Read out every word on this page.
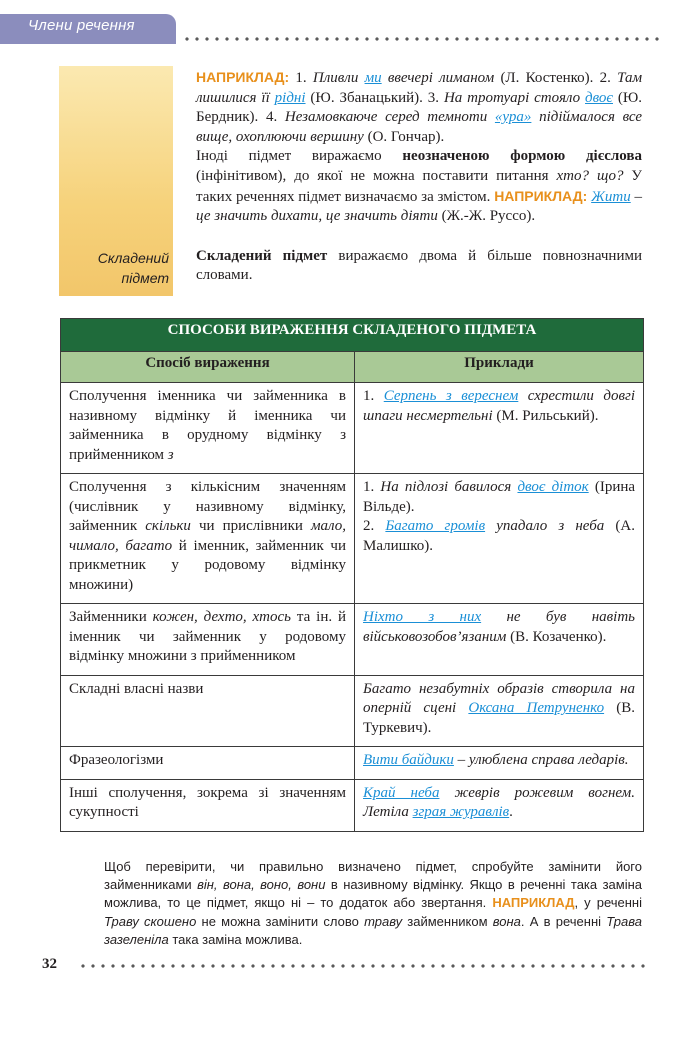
Члени речення
Складений
підмет

НАПРИКЛАД: 1. Пливли ми ввечері лиманом (Л. Костенко). 2. Там лишилися її рідні (Ю. Збанацький). 3. На тротуарі стояло двоє (Ю. Бердник). 4. Незамовкаюче серед темноти «ура» підіймалося все вище, охоплюючи вершину (О. Гончар).

Іноді підмет виражаємо неозначеною формою дієслова (інфінітивом), до якої не можна поставити питання хто? що? У таких реченнях підмет визначаємо за змістом. НАПРИКЛАД: Жити – це значить дихати, це значить діяти (Ж.-Ж. Руссо).

Складений підмет виражаємо двома й більше повнозначними словами.

СПОСОБИ ВИРАЖЕННЯ СКЛАДЕНОГО ПІДМЕТА	
Спосіб вираження	Приклади
Сполучення іменника чи займенника в називному відмінку й іменника чи займенника в орудному відмінку з прийменником з	1. Серпень з вереснем схрестили довгі шпаги несмертельні (М. Рильський).
Сполучення з кількісним значенням (числівник у називному відмінку, займенник скільки чи прислівники мало, чимало, багато й іменник, займенник чи прикметник у родовому відмінку множини)	1. На підлозі бавилося двоє діток (Ірина Вільде).
2. Багато громів упадало з неба (А. Малишко).
Займенники кожен, дехто, хтось та ін. й іменник чи займенник у родовому відмінку множини з прийменником	Ніхто з них не був навіть військовозобов’язаним (В. Козаченко).
Складні власні назви	Багато незабутніх образів створила на оперній сцені Оксана Петруненко (В. Туркевич).
Фразеологізми	Вити байдики – улюблена справа ледарів.
Інші сполучення, зокрема зі значенням сукупності	Край неба жеврів рожевим вогнем. Летіла зграя журавлів.
Щоб перевірити, чи правильно визначено підмет, спробуйте замінити його займенниками він, вона, воно, вони в називному відмінку. Якщо в реченні така заміна можлива, то це підмет, якщо ні – то додаток або звертання. НАПРИКЛАД, у реченні Траву скошено не можна замінити слово траву займенником вона. А в реченні Трава зазеленіла така заміна можлива.
32
